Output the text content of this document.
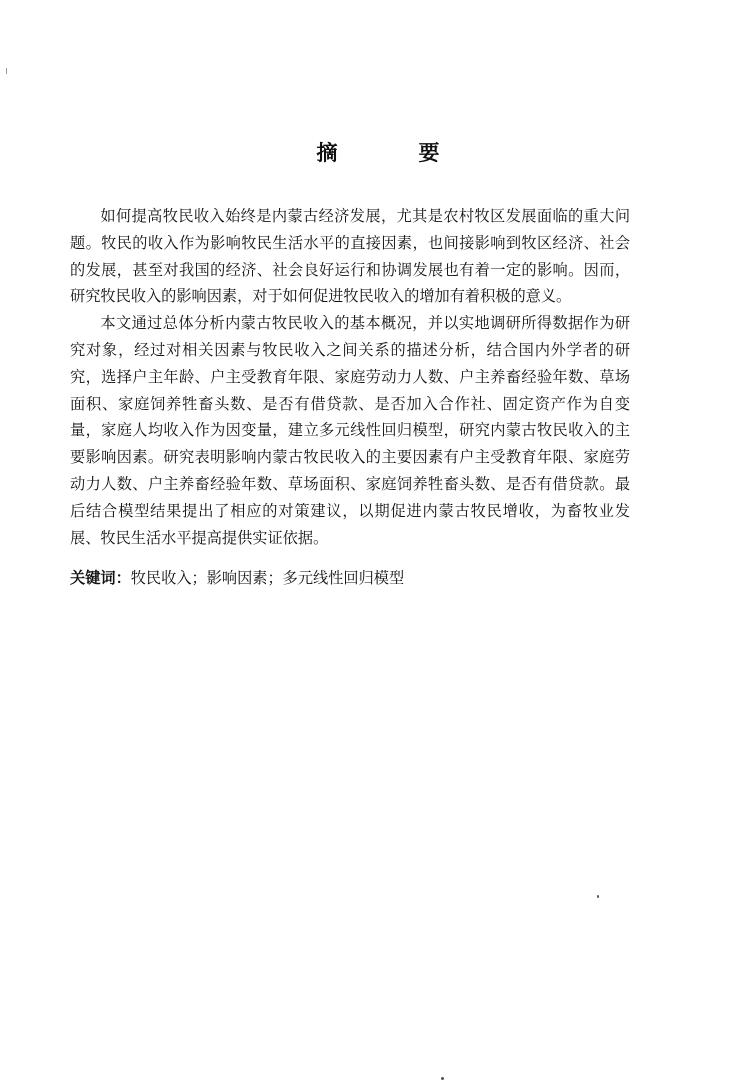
摘　要

如何提高牧民收入始终是内蒙古经济发展，尤其是农村牧区发展面临的重大问题。牧民的收入作为影响牧民生活水平的直接因素，也间接影响到牧区经济、社会的发展，甚至对我国的经济、社会良好运行和协调发展也有着一定的影响。因而，研究牧民收入的影响因素，对于如何促进牧民收入的增加有着积极的意义。

本文通过总体分析内蒙古牧民收入的基本概况，并以实地调研所得数据作为研究对象，经过对相关因素与牧民收入之间关系的描述分析，结合国内外学者的研究，选择户主年龄、户主受教育年限、家庭劳动力人数、户主养畜经验年数、草场面积、家庭饲养牲畜头数、是否有借贷款、是否加入合作社、固定资产作为自变量，家庭人均收入作为因变量，建立多元线性回归模型，研究内蒙古牧民收入的主要影响因素。研究表明影响内蒙古牧民收入的主要因素有户主受教育年限、家庭劳动力人数、户主养畜经验年数、草场面积、家庭饲养牲畜头数、是否有借贷款。最后结合模型结果提出了相应的对策建议，以期促进内蒙古牧民增收，为畜牧业发展、牧民生活水平提高提供实证依据。

关键词：牧民收入；影响因素；多元线性回归模型
